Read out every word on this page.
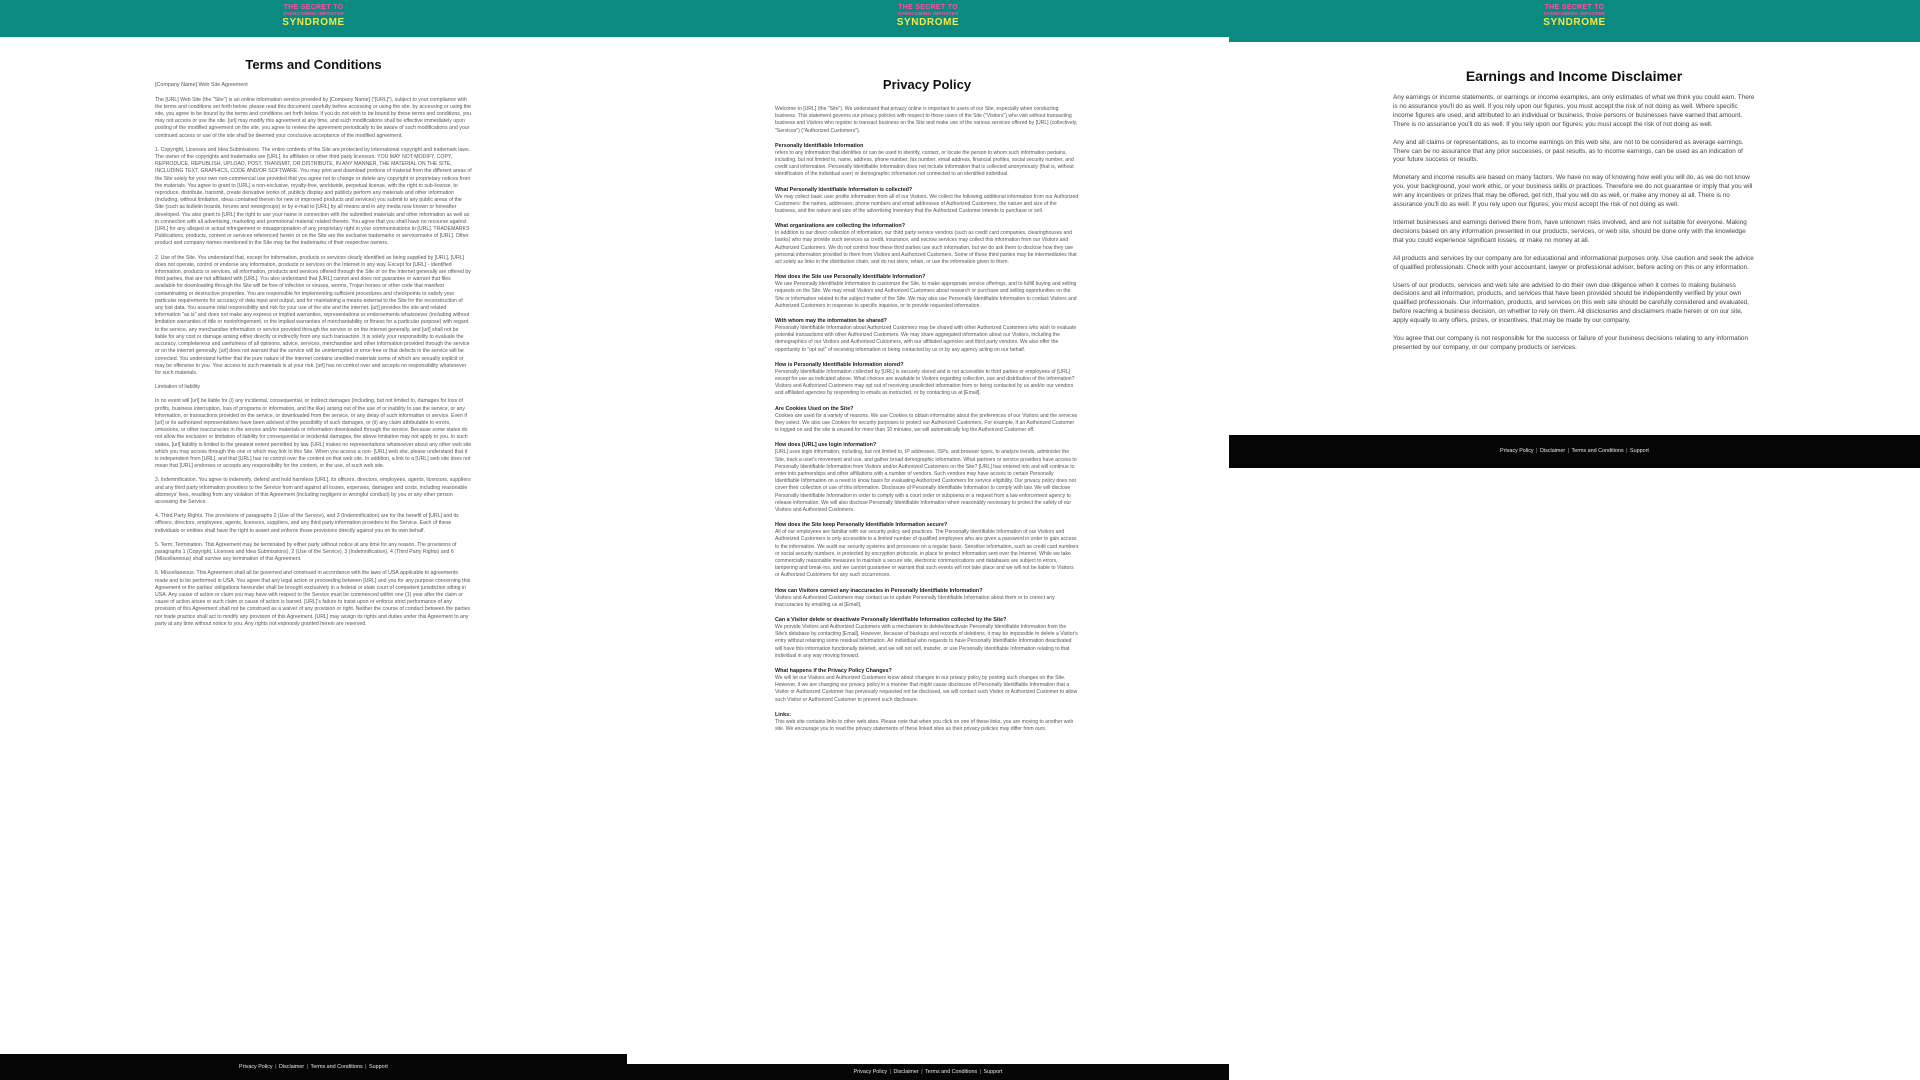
THE SECRET TO
OVERCOMING IMPOSTER
SYNDROME
Terms and Conditions

[Company Name] Web Site Agreement

The [URL] Web Site (the "Site") is an online information service provided by [Company Name] ("[URL]"), subject to your compliance with the terms and conditions set forth below. please read this document carefully before accessing or using the site. by accessing or using the site, you agree to be bound by the terms and conditions set forth below. if you do not wish to be bound by these terms and conditions, you may not access or use the site. [url] may modify this agreement at any time, and such modifications shall be effective immediately upon posting of the modified agreement on the site. you agree to review the agreement periodically to be aware of such modifications and your continued access or use of the site shall be deemed your conclusive acceptance of the modified agreement.

1. Copyright, Licenses and Idea Submissions. The entire contents of the Site are protected by international copyright and trademark laws. The owner of the copyrights and trademarks are [URL], its affiliates or other third party licensors. YOU MAY NOT MODIFY, COPY, REPRODUCE, REPUBLISH, UPLOAD, POST, TRANSMIT, OR DISTRIBUTE, IN ANY MANNER, THE MATERIAL ON THE SITE, INCLUDING TEXT, GRAPHICS, CODE AND/OR SOFTWARE. You may print and download portions of material from the different areas of the Site solely for your own non-commercial use provided that you agree not to change or delete any copyright or proprietary notices from the materials. You agree to grant to [URL] a non-exclusive, royalty-free, worldwide, perpetual license, with the right to sub-license, to reproduce, distribute, transmit, create derivative works of, publicly display and publicly perform any materials and other information (including, without limitation, ideas contained therein for new or improved products and services) you submit to any public areas of the Site (such as bulletin boards, forums and newsgroups) or by e-mail to [URL] by all means and in any media now known or hereafter developed. You also grant to [URL] the right to use your name in connection with the submitted materials and other information as well as in connection with all advertising, marketing and promotional material related thereto. You agree that you shall have no recourse against [URL] for any alleged or actual infringement or misappropriation of any proprietary right in your communications to [URL]. TRADEMARKS Publications, products, content or services referenced herein or on the Site are the exclusive trademarks or servicemarks of [URL]. Other product and company names mentioned in the Site may be the trademarks of their respective owners.

2. Use of the Site. You understand that, except for information, products or services clearly identified as being supplied by [URL], [URL] does not operate, control or endorse any information, products or services on the Internet in any way. Except for [URL] - identified information, products or services, all information, products and services offered through the Site or on the Internet generally are offered by third parties, that are not affiliated with [URL]. You also understand that [URL] cannot and does not guarantee or warrant that files available for downloading through the Site will be free of infection or viruses, worms, Trojan horses or other code that manifest contaminating or destructive properties. You are responsible for implementing sufficient procedures and checkpoints to satisfy your particular requirements for accuracy of data input and output, and for maintaining a means external to the Site for the reconstruction of any lost data. You assume total responsibility and risk for your use of the site and the internet. [url] provides the site and related information "as is" and does not make any express or implied warranties, representations or endorsements whatsoever (including without limitation warranties of title or noninfringement, or the implied warranties of merchantability or fitness for a particular purpose) with regard to the service, any merchandise information or service provided through the service or on the internet generally, and [url] shall not be liable for any cost or damage arising either directly or indirectly from any such transaction. It is solely your responsibility to evaluate the accuracy, completeness and usefulness of all opinions, advice, services, merchandise and other information provided through the service or on the internet generally. [url] does not warrant that the service will be uninterrupted or error-free or that defects in the service will be corrected. You understand further that the pure nature of the internet contains unedited materials some of which are sexually explicit or may be offensive to you. Your access to such materials is at your risk. [url] has no control over and accepts no responsibility whatsoever for such materials.

Limitation of liability

In no event will [url] be liable for (i) any incidental, consequential, or indirect damages (including, but not limited to, damages for loss of profits, business interruption, loss of programs or information, and the like) arising out of the use of or inability to use the service, or any information, or transactions provided on the service, or downloaded from the service, or any delay of such information or service. Even if [url] or its authorized representatives have been advised of the possibility of such damages, or (ii) any claim attributable to errors, omissions, or other inaccuracies in the service and/or materials or information downloaded through the service. Because some states do not allow the exclusion or limitation of liability for consequential or incidental damages, the above limitation may not apply to you. In such states, [url] liability is limited to the greatest extent permitted by law. [URL] makes no representations whatsoever about any other web site which you may access through this one or which may link to this Site. When you access a non- [URL] web site, please understand that it is independent from [URL], and that [URL] has no control over the content on that web site. In addition, a link to a [URL] web site does not mean that [URL] endorses or accepts any responsibility for the content, or the use, of such web site.

3. Indemnification. You agree to indemnify, defend and hold harmless [URL], its officers, directors, employees, agents, licensors, suppliers and any third party information providers to the Service from and against all losses, expenses, damages and costs, including reasonable attorneys' fees, resulting from any violation of this Agreement (including negligent or wrongful conduct) by you or any other person accessing the Service.

4. Third Party Rights. The provisions of paragraphs 2 (Use of the Service), and 3 (Indemnification) are for the benefit of [URL] and its officers, directors, employees, agents, licensors, suppliers, and any third party information providers to the Service. Each of these individuals or entities shall have the right to assert and enforce those provisions directly against you on its own behalf.

5. Term; Termination. This Agreement may be terminated by either party without notice at any time for any reason. The provisions of paragraphs 1 (Copyright, Licenses and Idea Submissions), 2 (Use of the Service), 3 (Indemnification), 4 (Third Party Rights) and 6 (Miscellaneous) shall survive any termination of this Agreement.

6. Miscellaneous. This Agreement shall all be governed and construed in accordance with the laws of USA applicable to agreements made and to be performed in USA. You agree that any legal action or proceeding between [URL] and you for any purpose concerning this Agreement or the parties' obligations hereunder shall be brought exclusively in a federal or state court of competent jurisdiction sitting in USA. Any cause of action or claim you may have with respect to the Service must be commenced within one (1) year after the claim or cause of action arises or such claim or cause of action is barred. [URL]'s failure to insist upon or enforce strict performance of any provision of this Agreement shall not be construed as a waiver of any provision or right. Neither the course of conduct between the parties nor trade practice shall act to modify any provision of this Agreement. [URL] may assign its rights and duties under this Agreement to any party at any time without notice to you. Any rights not expressly granted herein are reserved.

Privacy Policy | Disclaimer | Terms and Conditions | Support
THE SECRET TO
OVERCOMING IMPOSTER
SYNDROME
Privacy Policy

Welcome to [URL] (the "Site"). We understand that privacy online is important to users of our Site, especially when conducting business. This statement governs our privacy policies with respect to those users of the Site ("Visitors") who visit without transacting business and Visitors who register to transact business on the Site and make use of the various services offered by [URL] (collectively, "Services") ("Authorized Customers").

Personally Identifiable Information

refers to any information that identifies or can be used to identify, contact, or locate the person to whom such information pertains, including, but not limited to, name, address, phone number, fax number, email address, financial profiles, social security number, and credit card information. Personally Identifiable Information does not include information that is collected anonymously (that is, without identification of the individual user) or demographic information not connected to an identified individual.

What Personally Identifiable Information is collected?

We may collect basic user profile information from all of our Visitors. We collect the following additional information from our Authorized Customers: the names, addresses, phone numbers and email addresses of Authorized Customers, the nature and size of the business, and the nature and size of the advertising inventory that the Authorized Customer intends to purchase or sell.

What organizations are collecting the information?

In addition to our direct collection of information, our third party service vendors (such as credit card companies, clearinghouses and banks) who may provide such services as credit, insurance, and escrow services may collect this information from our Visitors and Authorized Customers. We do not control how these third parties use such information, but we do ask them to disclose how they use personal information provided to them from Visitors and Authorized Customers. Some of these third parties may be intermediaries that act solely as links in the distribution chain, and do not store, retain, or use the information given to them.

How does the Site use Personally Identifiable Information?

We use Personally Identifiable Information to customize the Site, to make appropriate service offerings, and to fulfill buying and selling requests on the Site. We may email Visitors and Authorized Customers about research or purchase and selling opportunities on the Site or information related to the subject matter of the Site. We may also use Personally Identifiable Information to contact Visitors and Authorized Customers in response to specific inquiries, or to provide requested information.

With whom may the information be shared?

Personally Identifiable Information about Authorized Customers may be shared with other Authorized Customers who wish to evaluate potential transactions with other Authorized Customers. We may share aggregated information about our Visitors, including the demographics of our Visitors and Authorized Customers, with our affiliated agencies and third party vendors. We also offer the opportunity to "opt out" of receiving information or being contacted by us or by any agency acting on our behalf.

How is Personally Identifiable Information stored?

Personally Identifiable Information collected by [URL] is securely stored and is not accessible to third parties or employees of [URL] except for use as indicated above. What choices are available to Visitors regarding collection, use and distribution of the information? Visitors and Authorized Customers may opt out of receiving unsolicited information from or being contacted by us and/or our vendors and affiliated agencies by responding to emails as instructed, or by contacting us at [Email].

Are Cookies Used on the Site?

Cookies are used for a variety of reasons. We use Cookies to obtain information about the preferences of our Visitors and the services they select. We also use Cookies for security purposes to protect our Authorized Customers. For example, if an Authorized Customer is logged on and the site is unused for more than 10 minutes, we will automatically log the Authorized Customer off.

How does [URL] use login information?

[URL] uses login information, including, but not limited to, IP addresses, ISPs, and browser types, to analyze trends, administer the Site, track a user's movement and use, and gather broad demographic information. What partners or service providers have access to Personally Identifiable Information from Visitors and/or Authorized Customers on the Site? [URL] has entered into and will continue to enter into partnerships and other affiliations with a number of vendors. Such vendors may have access to certain Personally Identifiable Information on a need to know basis for evaluating Authorized Customers for service eligibility. Our privacy policy does not cover their collection or use of this information. Disclosure of Personally Identifiable Information to comply with law. We will disclose Personally Identifiable Information in order to comply with a court order or subpoena or a request from a law enforcement agency to release information. We will also disclose Personally Identifiable Information when reasonably necessary to protect the safety of our Visitors and Authorized Customers.

How does the Site keep Personally Identifiable Information secure?

All of our employees are familiar with our security policy and practices. The Personally Identifiable Information of our Visitors and Authorized Customers is only accessible to a limited number of qualified employees who are given a password in order to gain access to the information. We audit our security systems and processes on a regular basis. Sensitive information, such as credit card numbers or social security numbers, is protected by encryption protocols, in place to protect information sent over the Internet. While we take commercially reasonable measures to maintain a secure site, electronic communications and databases are subject to errors, tampering and break-ins, and we cannot guarantee or warrant that such events will not take place and we will not be liable to Visitors or Authorized Customers for any such occurrences.

How can Visitors correct any inaccuracies in Personally Identifiable Information?

Visitors and Authorized Customers may contact us to update Personally Identifiable Information about them or to correct any inaccuracies by emailing us at [Email].

Can a Visitor delete or deactivate Personally Identifiable Information collected by the Site?

We provide Visitors and Authorized Customers with a mechanism to delete/deactivate Personally Identifiable Information from the Site's database by contacting [Email]. However, because of backups and records of deletions, it may be impossible to delete a Visitor's entry without retaining some residual information. An individual who requests to have Personally Identifiable Information deactivated will have this information functionally deleted, and we will not sell, transfer, or use Personally Identifiable Information relating to that individual in any way moving forward.

What happens if the Privacy Policy Changes?

We will let our Visitors and Authorized Customers know about changes to our privacy policy by posting such changes on the Site. However, if we are changing our privacy policy in a manner that might cause disclosure of Personally Identifiable Information that a Visitor or Authorized Customer has previously requested not be disclosed, we will contact such Visitor or Authorized Customer to allow such Visitor or Authorized Customer to prevent such disclosure.

Links:

This web site contains links to other web sites. Please note that when you click on one of these links, you are moving to another web site. We encourage you to read the privacy statements of these linked sites as their privacy policies may differ from ours.

Privacy Policy | Disclaimer | Terms and Conditions | Support
THE SECRET TO
OVERCOMING IMPOSTER
SYNDROME
Earnings and Income Disclaimer

Any earnings or income statements, or earnings or income examples, are only estimates of what we think you could earn. There is no assurance you'll do as well. If you rely upon our figures, you must accept the risk of not doing as well. Where specific income figures are used, and attributed to an individual or business, those persons or businesses have earned that amount. There is no assurance you'll do as well. If you rely upon our figures; you must accept the risk of not doing as well.

Any and all claims or representations, as to income earnings on this web site, are not to be considered as average earnings. There can be no assurance that any prior successes, or past results, as to income earnings, can be used as an indication of your future success or results.

Monetary and income results are based on many factors. We have no way of knowing how well you will do, as we do not know you, your background, your work ethic, or your business skills or practices. Therefore we do not guarantee or imply that you will win any incentives or prizes that may be offered, get rich, that you will do as well, or make any money at all. There is no assurance you'll do as well. If you rely upon our figures; you must accept the risk of not doing as well.

Internet businesses and earnings derived there from, have unknown risks involved, and are not suitable for everyone. Making decisions based on any information presented in our products, services, or web site, should be done only with the knowledge that you could experience significant losses, or make no money at all.

All products and services by our company are for educational and informational purposes only. Use caution and seek the advice of qualified professionals. Check with your accountant, lawyer or professional advisor, before acting on this or any information.

Users of our products, services and web site are advised to do their own due diligence when it comes to making business decisions and all information, products, and services that have been provided should be independently verified by your own qualified professionals. Our information, products, and services on this web site should be carefully considered and evaluated, before reaching a business decision, on whether to rely on them. All disclosures and disclaimers made herein or on our site, apply equally to any offers, prizes, or incentives, that may be made by our company.

You agree that our company is not responsible for the success or failure of your business decisions relating to any information presented by our company, or our company products or services.

Privacy Policy | Disclaimer | Terms and Conditions | Support
